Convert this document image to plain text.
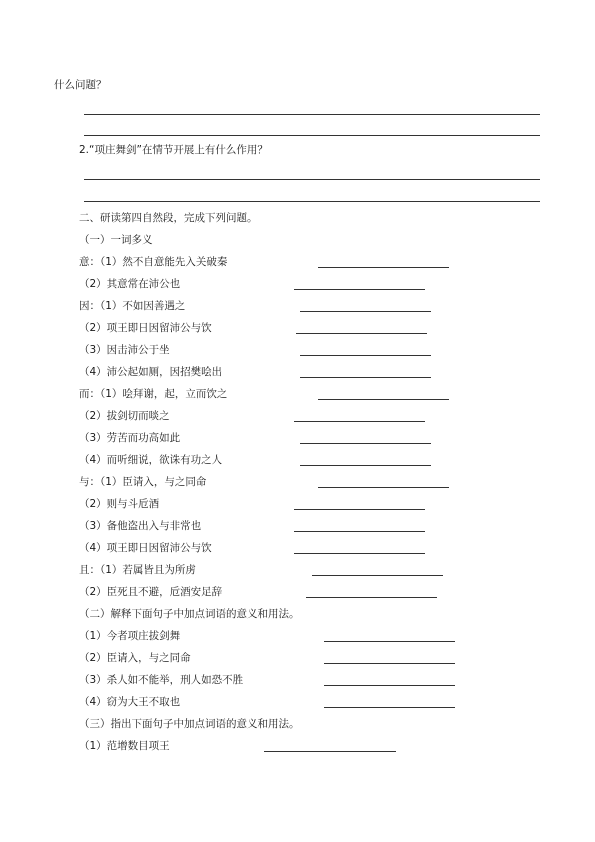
什么问题？
2.“项庄舞剑”在情节开展上有什么作用？
二、研读第四自然段，完成下列问题。
（一）一词多义
意：（1）然不自意能先入关破秦
（2）其意常在沛公也
因：（1）不如因善遇之
（2）项王即日因留沛公与饮
（3）因击沛公于坐
（4）沛公起如厕，因招樊哙出
而：（1）哙拜谢，起，立而饮之
（2）拔剑切而啖之
（3）劳苦而功高如此
（4）而听细说，欲诛有功之人
与：（1）臣请入，与之同命
（2）则与斗卮酒
（3）备他盗出入与非常也
（4）项王即日因留沛公与饮
且：（1）若属皆且为所虏
（2）臣死且不避，卮酒安足辞
（二）解释下面句子中加点词语的意义和用法。
（1）今者项庄拔剑舞
（2）臣请入，与之同命
（3）杀人如不能举，刑人如恐不胜
（4）窃为大王不取也
（三）指出下面句子中加点词语的意义和用法。
（1）范增数目项王
